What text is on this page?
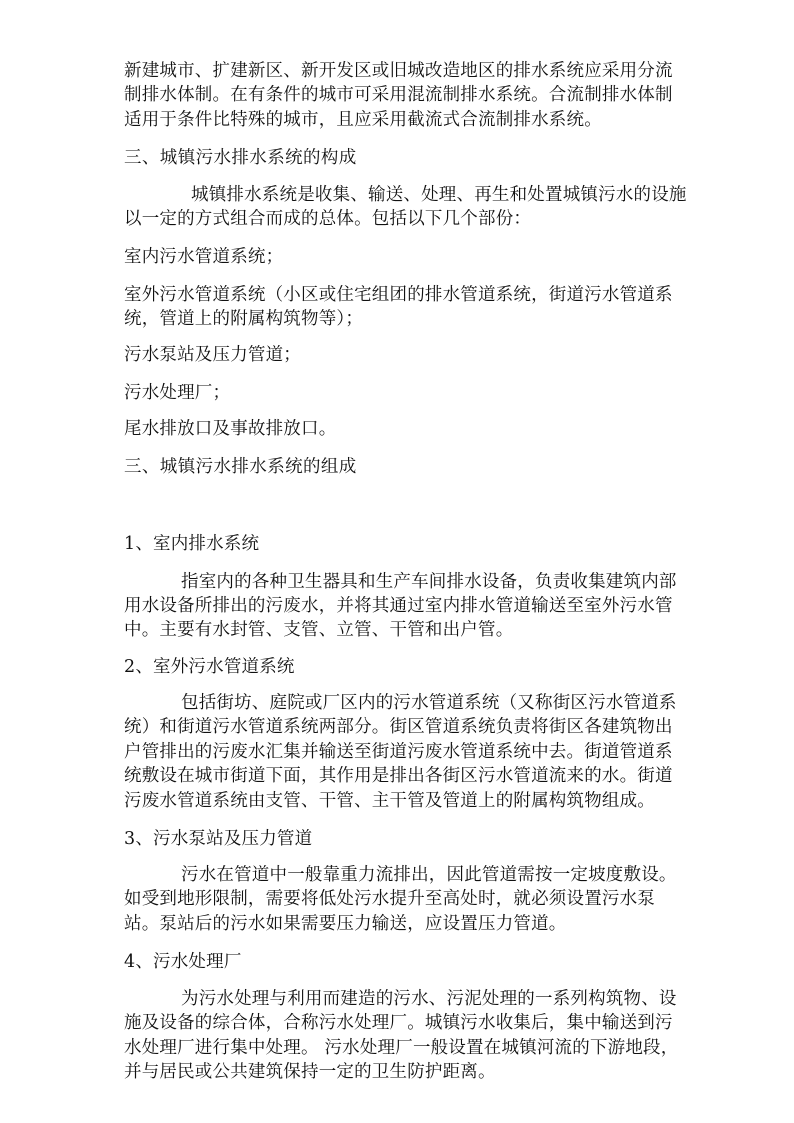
新建城市、扩建新区、新开发区或旧城改造地区的排水系统应采用分流
制排水体制。在有条件的城市可采用混流制排水系统。合流制排水体制
适用于条件比特殊的城市，且应采用截流式合流制排水系统。
三、城镇污水排水系统的构成
城镇排水系统是收集、输送、处理、再生和处置城镇污水的设施
以一定的方式组合而成的总体。包括以下几个部份：
室内污水管道系统；
室外污水管道系统（小区或住宅组团的排水管道系统，街道污水管道系
统，管道上的附属构筑物等）；
污水泵站及压力管道；
污水处理厂；
尾水排放口及事故排放口。
三、城镇污水排水系统的组成
1、室内排水系统
指室内的各种卫生器具和生产车间排水设备，负责收集建筑内部
用水设备所排出的污废水，并将其通过室内排水管道输送至室外污水管
中。主要有水封管、支管、立管、干管和出户管。
2、室外污水管道系统
包括街坊、庭院或厂区内的污水管道系统（又称街区污水管道系
统）和街道污水管道系统两部分。街区管道系统负责将街区各建筑物出
户管排出的污废水汇集并输送至街道污废水管道系统中去。街道管道系
统敷设在城市街道下面，其作用是排出各街区污水管道流来的水。街道
污废水管道系统由支管、干管、主干管及管道上的附属构筑物组成。
3、污水泵站及压力管道
污水在管道中一般靠重力流排出，因此管道需按一定坡度敷设。
如受到地形限制，需要将低处污水提升至高处时，就必须设置污水泵
站。泵站后的污水如果需要压力输送，应设置压力管道。
4、污水处理厂
为污水处理与利用而建造的污水、污泥处理的一系列构筑物、设
施及设备的综合体，合称污水处理厂。城镇污水收集后，集中输送到污
水处理厂进行集中处理。 污水处理厂一般设置在城镇河流的下游地段，
并与居民或公共建筑保持一定的卫生防护距离。
